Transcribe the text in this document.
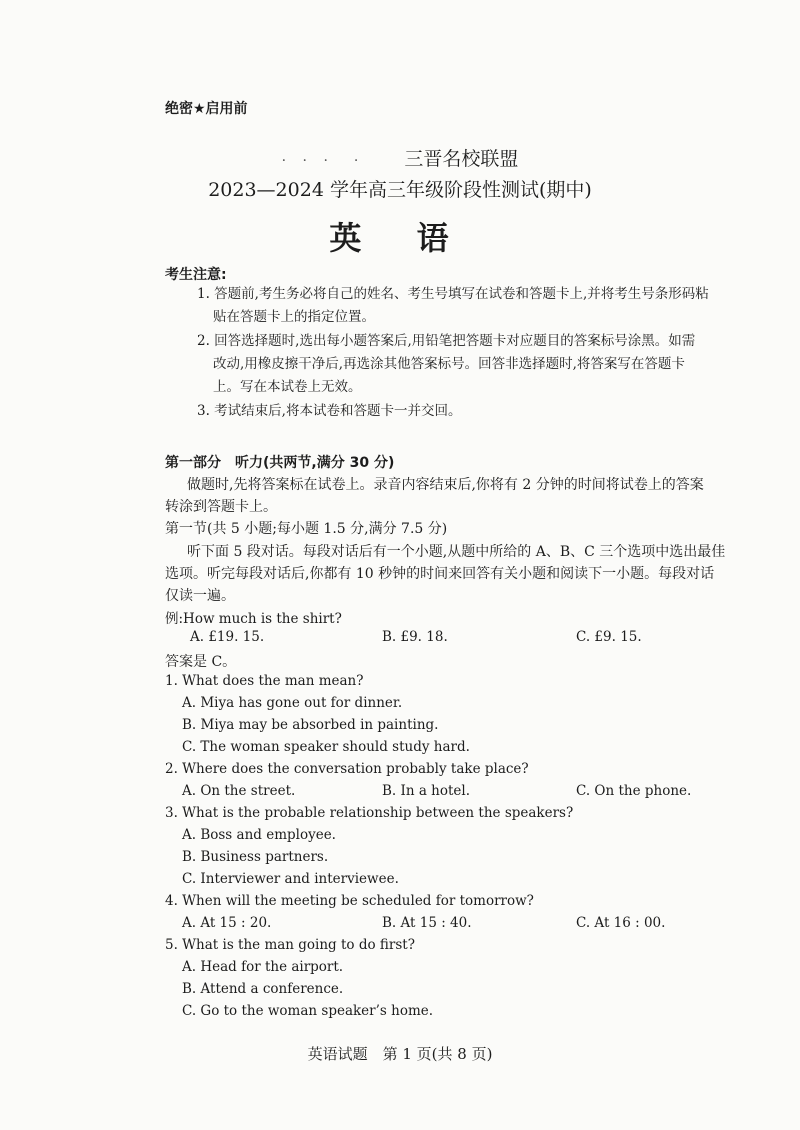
绝密★启用前
· · ·　· 三晋名校联盟
2023—2024 学年高三年级阶段性测试(期中)
英 语
考生注意:
1. 答题前,考生务必将自己的姓名、考生号填写在试卷和答题卡上,并将考生号条形码粘
贴在答题卡上的指定位置。
2. 回答选择题时,选出每小题答案后,用铅笔把答题卡对应题目的答案标号涂黑。如需
改动,用橡皮擦干净后,再选涂其他答案标号。回答非选择题时,将答案写在答题卡
上。写在本试卷上无效。
3. 考试结束后,将本试卷和答题卡一并交回。
第一部分　听力(共两节,满分 30 分)
做题时,先将答案标在试卷上。录音内容结束后,你将有 2 分钟的时间将试卷上的答案
转涂到答题卡上。
第一节(共 5 小题;每小题 1.5 分,满分 7.5 分)
听下面 5 段对话。每段对话后有一个小题,从题中所给的 A、B、C 三个选项中选出最佳
选项。听完每段对话后,你都有 10 秒钟的时间来回答有关小题和阅读下一小题。每段对话
仅读一遍。
例:How much is the shirt?
A. £19. 15.	B. £9. 18.	C. £9. 15.
答案是 C。
1. What does the man mean?
A. Miya has gone out for dinner.
B. Miya may be absorbed in painting.
C. The woman speaker should study hard.
2. Where does the conversation probably take place?
A. On the street.	B. In a hotel.	C. On the phone.
3. What is the probable relationship between the speakers?
A. Boss and employee.
B. Business partners.
C. Interviewer and interviewee.
4. When will the meeting be scheduled for tomorrow?
A. At 15 : 20.	B. At 15 : 40.	C. At 16 : 00.
5. What is the man going to do first?
A. Head for the airport.
B. Attend a conference.
C. Go to the woman speaker’s home.
英语试题　第 1 页(共 8 页)
